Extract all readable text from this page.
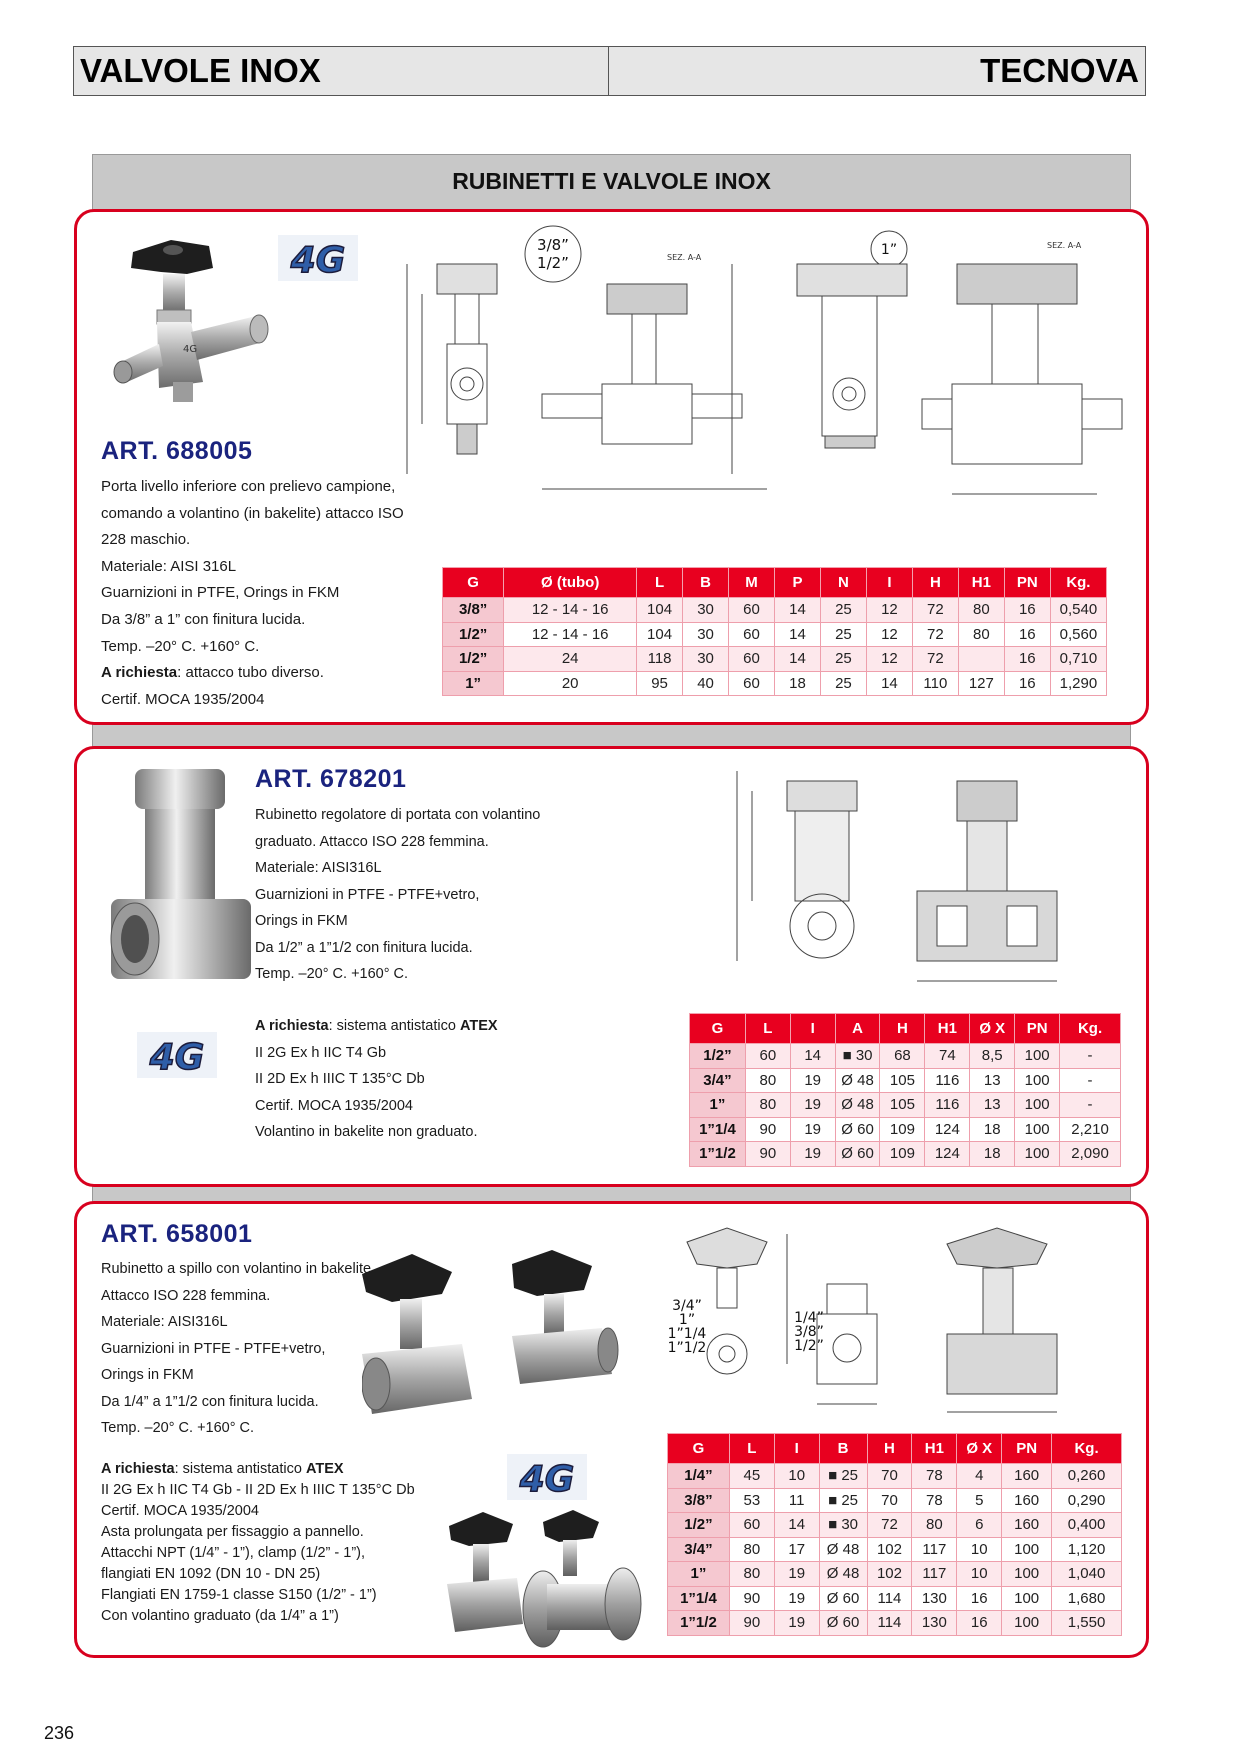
VALVOLE INOX	TECNOVA
RUBINETTI E VALVOLE INOX
4G
4G	3/8”
1/2”
1”
SEZ. A-A
SEZ. A-A
ART. 688005
Porta livello inferiore con prelievo campione,
comando a volantino (in bakelite) attacco ISO
228 maschio.
Materiale: AISI 316L
Guarnizioni in PTFE, Orings in FKM
Da 3/8” a 1” con finitura lucida.
Temp. –20° C. +160° C.
A richiesta: attacco tubo diverso.
Certif. MOCA 1935/2004
G	Ø (tubo)	L	B	M	P	N	I	H	H1	PN	Kg.
3/8”	12 - 14 - 16	104	30	60	14	25	12	72	80	16	0,540
1/2”	12 - 14 - 16	104	30	60	14	25	12	72	80	16	0,560
1/2”	24	118	30	60	14	25	12	72		16	0,710
1”	20	95	40	60	18	25	14	110	127	16	1,290
4G
ART. 678201
Rubinetto regolatore di portata con volantino
graduato. Attacco ISO 228 femmina.
Materiale: AISI316L
Guarnizioni in PTFE - PTFE+vetro,
Orings in FKM
Da 1/2” a 1”1/2 con finitura lucida.
Temp. –20° C. +160° C.
A richiesta: sistema antistatico ATEX
II 2G Ex h IIC T4 Gb
II 2D Ex h IIIC T 135°C Db
Certif. MOCA 1935/2004
Volantino in bakelite non graduato.
G	L	I	A	H	H1	Ø X	PN	Kg.
1/2”	60	14	■ 30	68	74	8,5	100	-
3/4”	80	19	Ø 48	105	116	13	100	-
1”	80	19	Ø 48	105	116	13	100	-
1”1/4	90	19	Ø 60	109	124	18	100	2,210
1”1/2	90	19	Ø 60	109	124	18	100	2,090
4G
3/4”
1”
1”1/4
1”1/2
1/4”
3/8”
1/2”
ART. 658001
Rubinetto a spillo con volantino in bakelite
Attacco ISO 228 femmina.
Materiale: AISI316L
Guarnizioni in PTFE - PTFE+vetro,
Orings in FKM
Da 1/4” a 1”1/2 con finitura lucida.
Temp. –20° C. +160° C.
A richiesta: sistema antistatico ATEX
II 2G Ex h IIC T4 Gb - II 2D Ex h IIIC T 135°C Db
Certif. MOCA 1935/2004
Asta prolungata per fissaggio a pannello.
Attacchi NPT (1/4” - 1”), clamp (1/2” - 1”),
flangiati EN 1092 (DN 10 - DN 25)
Flangiati EN 1759-1 classe S150 (1/2” - 1”)
Con volantino graduato (da 1/4” a 1”)
G	L	I	B	H	H1	Ø X	PN	Kg.
1/4”	45	10	■ 25	70	78	4	160	0,260
3/8”	53	11	■ 25	70	78	5	160	0,290
1/2”	60	14	■ 30	72	80	6	160	0,400
3/4”	80	17	Ø 48	102	117	10	100	1,120
1”	80	19	Ø 48	102	117	10	100	1,040
1”1/4	90	19	Ø 60	114	130	16	100	1,680
1”1/2	90	19	Ø 60	114	130	16	100	1,550
236
